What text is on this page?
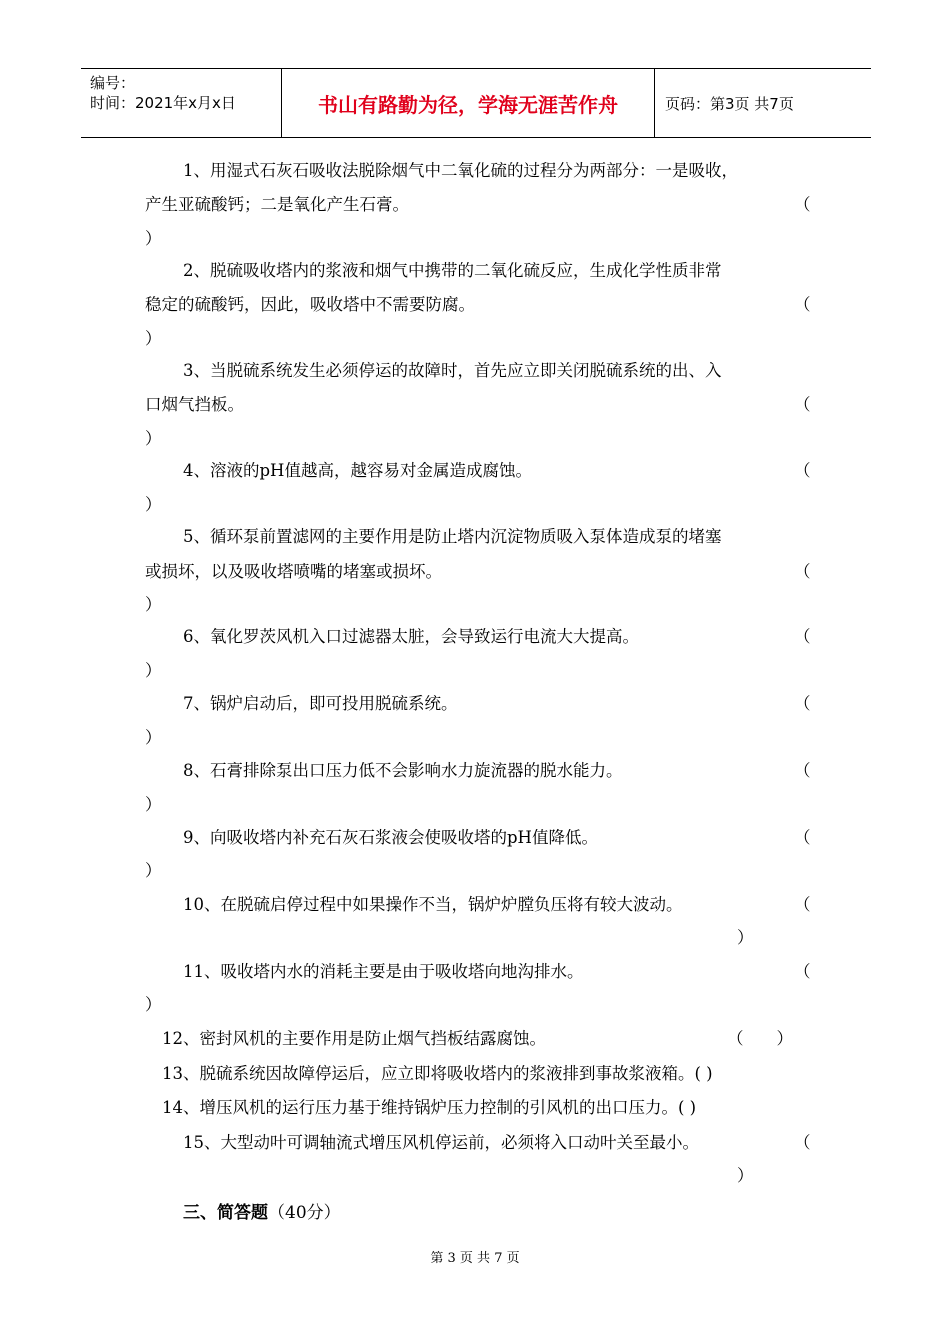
编号：
时间：2021年x月x日	书山有路勤为径，学海无涯苦作舟	页码：第3页 共7页
1、用湿式石灰石吸收法脱除烟气中二氧化硫的过程分为两部分：一是吸收，
产生亚硫酸钙；二是氧化产生石膏。	（
）
2、脱硫吸收塔内的浆液和烟气中携带的二氧化硫反应，生成化学性质非常
稳定的硫酸钙，因此，吸收塔中不需要防腐。	（
）
3、当脱硫系统发生必须停运的故障时，首先应立即关闭脱硫系统的出、入
口烟气挡板。	（
）
4、溶液的pH值越高，越容易对金属造成腐蚀。	（
）
5、循环泵前置滤网的主要作用是防止塔内沉淀物质吸入泵体造成泵的堵塞
或损坏，以及吸收塔喷嘴的堵塞或损坏。	（
）
6、氧化罗茨风机入口过滤器太脏，会导致运行电流大大提高。	（
）
7、锅炉启动后，即可投用脱硫系统。	（
）
8、石膏排除泵出口压力低不会影响水力旋流器的脱水能力。	（
）
9、向吸收塔内补充石灰石浆液会使吸收塔的pH值降低。	（
）
10、在脱硫启停过程中如果操作不当，锅炉炉膛负压将有较大波动。	（
）
11、吸收塔内水的消耗主要是由于吸收塔向地沟排水。	（
）
12、密封风机的主要作用是防止烟气挡板结露腐蚀。	（　　）
13、脱硫系统因故障停运后，应立即将吸收塔内的浆液排到事故浆液箱。( )
14、增压风机的运行压力基于维持锅炉压力控制的引风机的出口压力。( )
15、大型动叶可调轴流式增压风机停运前，必须将入口动叶关至最小。	（
）
三、简答题（40分）
第 3 页 共 7 页
